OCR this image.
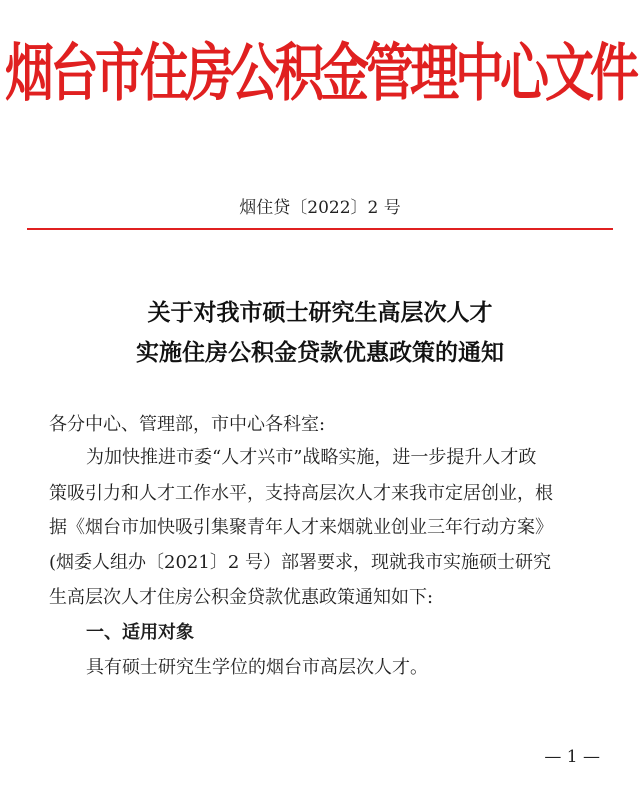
烟台市住房公积金管理中心文件
烟住贷〔2022〕2 号
关于对我市硕士研究生高层次人才
实施住房公积金贷款优惠政策的通知
各分中心、管理部，市中心各科室:
为加快推进市委“人才兴市”战略实施，进一步提升人才政
策吸引力和人才工作水平，支持高层次人才来我市定居创业，根
据《烟台市加快吸引集聚青年人才来烟就业创业三年行动方案》
(烟委人组办〔2021〕2 号）部署要求，现就我市实施硕士研究
生高层次人才住房公积金贷款优惠政策通知如下:
一、适用对象
具有硕士研究生学位的烟台市高层次人才。
— 1 —
